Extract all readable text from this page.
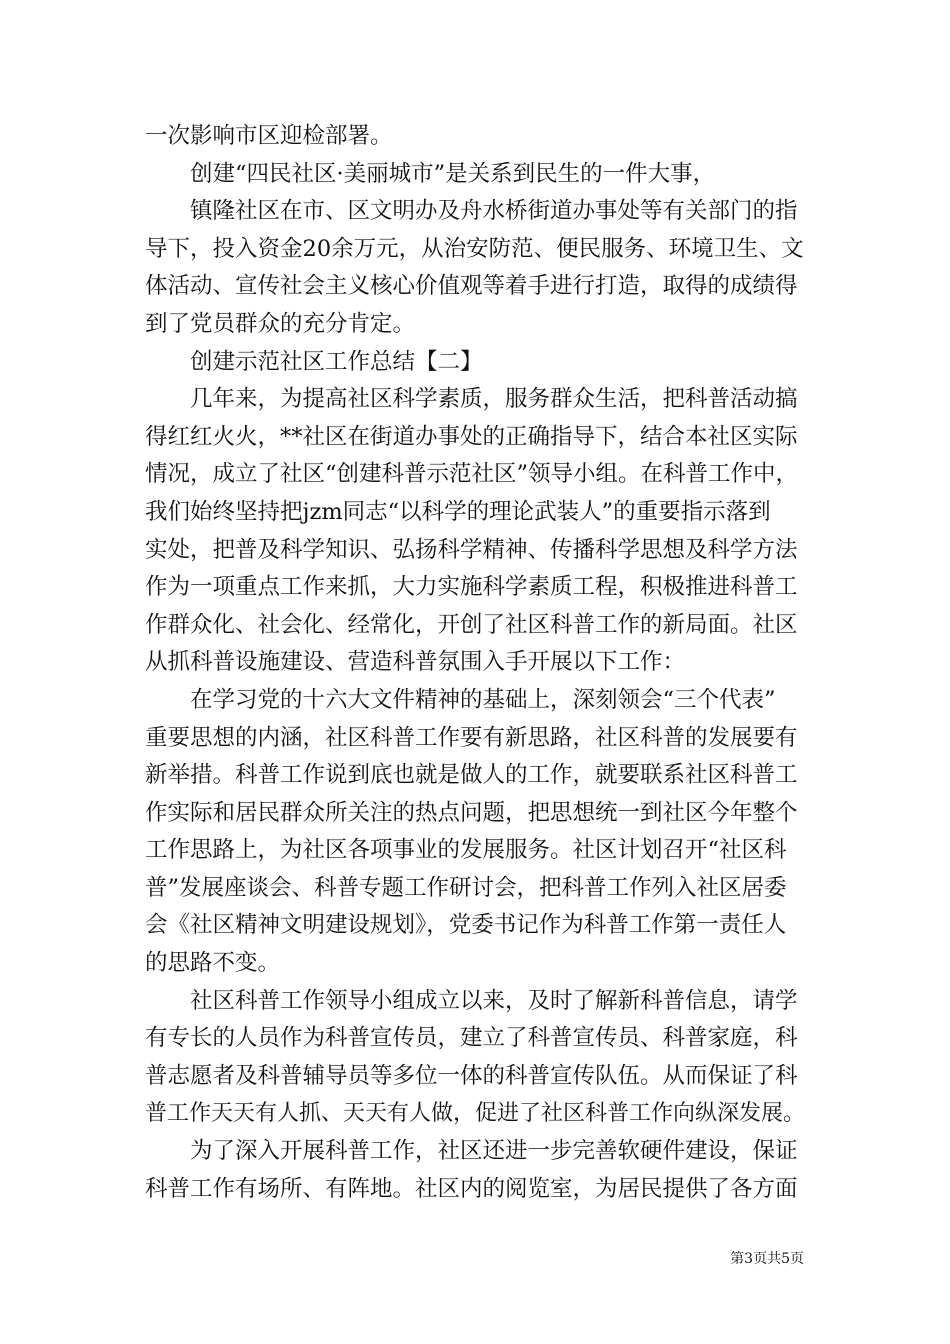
一次影响市区迎检部署。
创建“四民社区·美丽城市”是关系到民生的一件大事，
镇隆社区在市、区文明办及舟水桥街道办事处等有关部门的指
导下，投入资金20余万元，从治安防范、便民服务、环境卫生、文
体活动、宣传社会主义核心价值观等着手进行打造，取得的成绩得
到了党员群众的充分肯定。
创建示范社区工作总结【二】
几年来，为提高社区科学素质，服务群众生活，把科普活动搞
得红红火火，**社区在街道办事处的正确指导下，结合本社区实际
情况，成立了社区“创建科普示范社区”领导小组。在科普工作中，
我们始终坚持把jzm同志“以科学的理论武装人”的重要指示落到
实处，把普及科学知识、弘扬科学精神、传播科学思想及科学方法
作为一项重点工作来抓，大力实施科学素质工程，积极推进科普工
作群众化、社会化、经常化，开创了社区科普工作的新局面。社区
从抓科普设施建设、营造科普氛围入手开展以下工作：
在学习党的十六大文件精神的基础上，深刻领会“三个代表”
重要思想的内涵，社区科普工作要有新思路，社区科普的发展要有
新举措。科普工作说到底也就是做人的工作，就要联系社区科普工
作实际和居民群众所关注的热点问题，把思想统一到社区今年整个
工作思路上，为社区各项事业的发展服务。社区计划召开“社区科
普”发展座谈会、科普专题工作研讨会，把科普工作列入社区居委
会《社区精神文明建设规划》，党委书记作为科普工作第一责任人
的思路不变。
社区科普工作领导小组成立以来，及时了解新科普信息，请学
有专长的人员作为科普宣传员，建立了科普宣传员、科普家庭，科
普志愿者及科普辅导员等多位一体的科普宣传队伍。从而保证了科
普工作天天有人抓、天天有人做，促进了社区科普工作向纵深发展。
为了深入开展科普工作，社区还进一步完善软硬件建设，保证
科普工作有场所、有阵地。社区内的阅览室，为居民提供了各方面
第3页共5页
